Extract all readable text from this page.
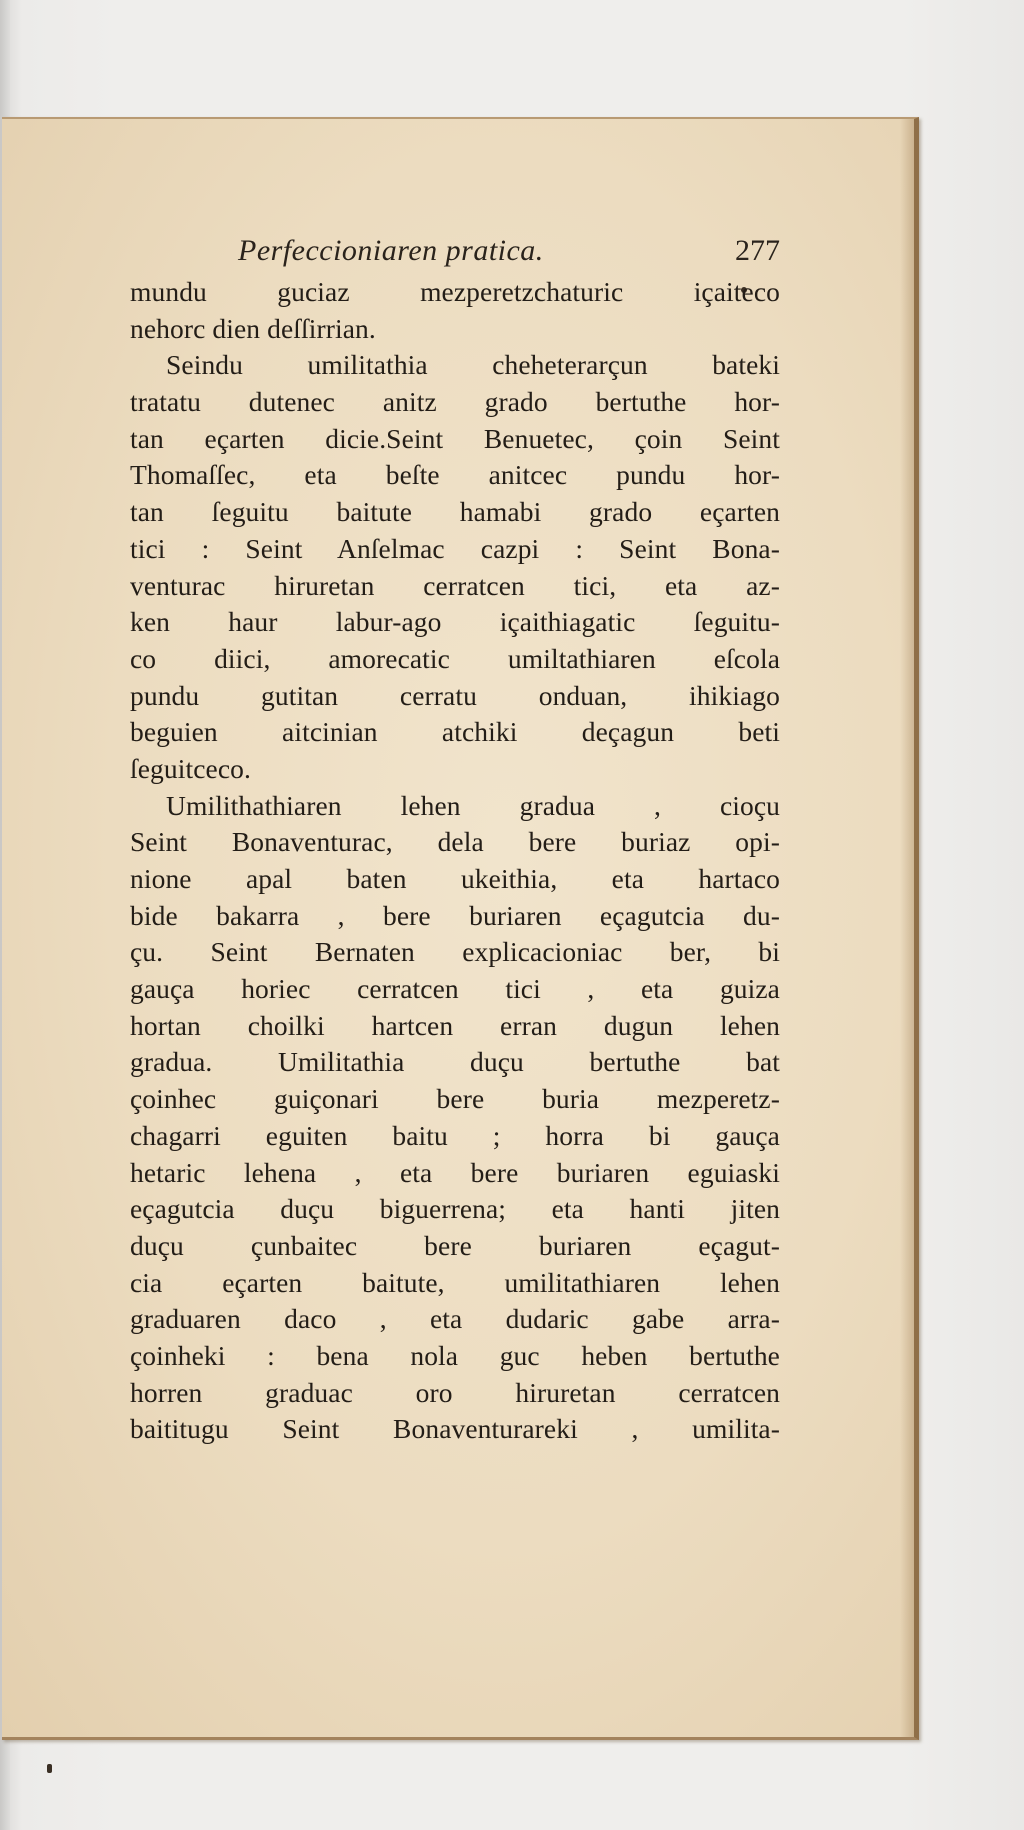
Perfeccioniaren pratica.	277
mundu guciaz mezperetzchaturic içaiteco
nehorc dien deſſirrian.
Seindu umilitathia cheheterarçun bateki
tratatu dutenec anitz grado bertuthe hor-
tan eçarten dicie.Seint Benuetec, çoin Seint
Thomaſſec, eta beſte anitcec pundu hor-
tan ſeguitu baitute hamabi grado eçarten
tici : Seint Anſelmac cazpi : Seint Bona-
venturac hiruretan cerratcen tici, eta az-
ken haur labur-ago içaithiagatic ſeguitu-
co diici, amorecatic umiltathiaren eſcola
pundu gutitan cerratu onduan, ihikiago
beguien aitcinian atchiki deçagun beti
ſeguitceco.
Umilithathiaren lehen gradua , cioçu
Seint Bonaventurac, dela bere buriaz opi-
nione apal baten ukeithia, eta hartaco
bide bakarra , bere buriaren eçagutcia du-
çu. Seint Bernaten explicacioniac ber, bi
gauça horiec cerratcen tici , eta guiza
hortan choilki hartcen erran dugun lehen
gradua. Umilitathia duçu bertuthe bat
çoinhec guiçonari bere buria mezperetz-
chagarri eguiten baitu ; horra bi gauça
hetaric lehena , eta bere buriaren eguiaski
eçagutcia duçu biguerrena; eta hanti jiten
duçu çunbaitec bere buriaren eçagut-
cia eçarten baitute, umilitathiaren lehen
graduaren daco , eta dudaric gabe arra-
çoinheki : bena nola guc heben bertuthe
horren graduac oro hiruretan cerratcen
baititugu Seint Bonaventurareki , umilita-
